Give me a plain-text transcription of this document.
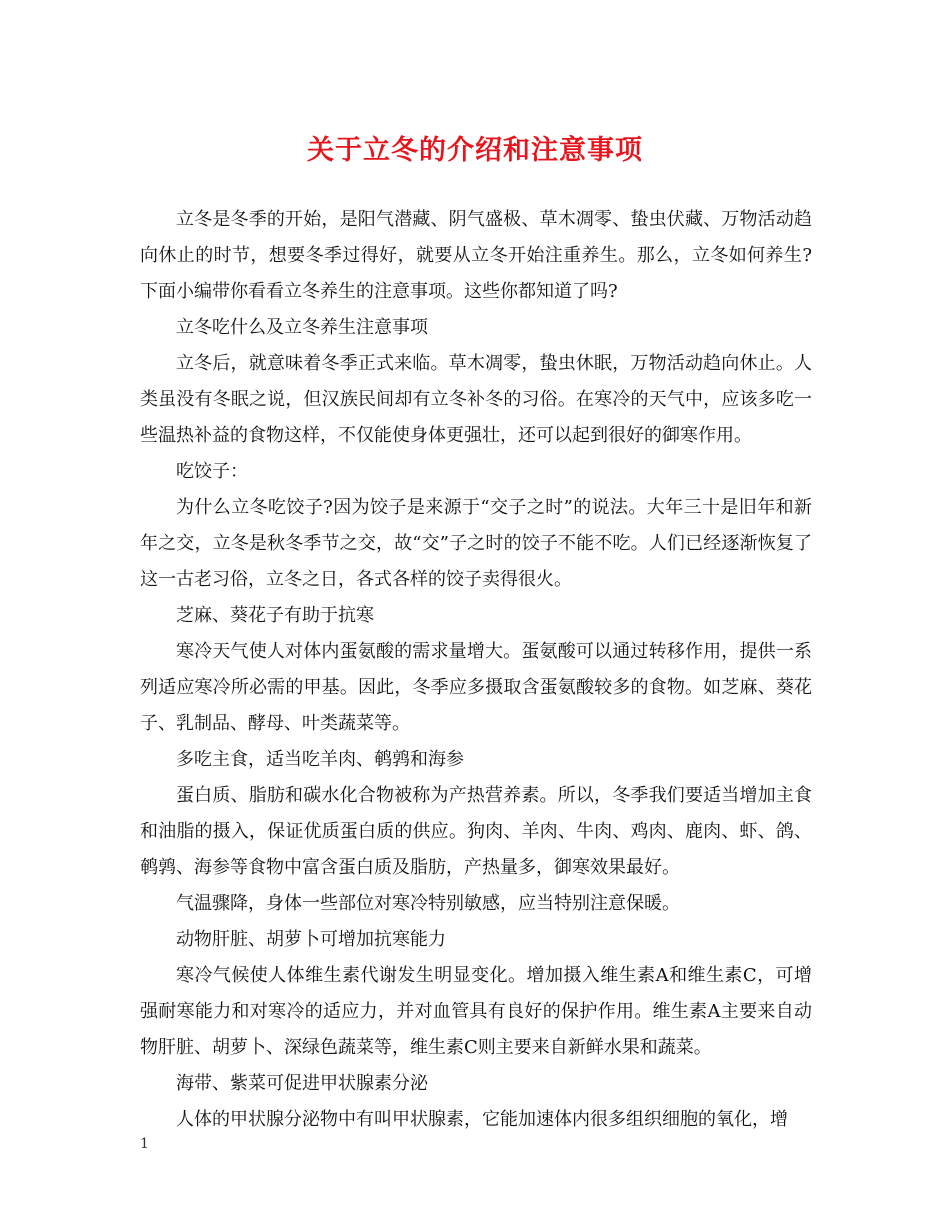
关于立冬的介绍和注意事项

立冬是冬季的开始，是阳气潜藏、阴气盛极、草木凋零、蛰虫伏藏、万物活动趋向休止的时节，想要冬季过得好，就要从立冬开始注重养生。那么，立冬如何养生?下面小编带你看看立冬养生的注意事项。这些你都知道了吗?

立冬吃什么及立冬养生注意事项

立冬后，就意味着冬季正式来临。草木凋零，蛰虫休眠，万物活动趋向休止。人类虽没有冬眠之说，但汉族民间却有立冬补冬的习俗。在寒冷的天气中，应该多吃一些温热补益的食物这样，不仅能使身体更强壮，还可以起到很好的御寒作用。

吃饺子：

为什么立冬吃饺子?因为饺子是来源于“交子之时”的说法。大年三十是旧年和新年之交，立冬是秋冬季节之交，故“交”子之时的饺子不能不吃。人们已经逐渐恢复了这一古老习俗，立冬之日，各式各样的饺子卖得很火。

芝麻、葵花子有助于抗寒

寒冷天气使人对体内蛋氨酸的需求量增大。蛋氨酸可以通过转移作用，提供一系列适应寒冷所必需的甲基。因此，冬季应多摄取含蛋氨酸较多的食物。如芝麻、葵花子、乳制品、酵母、叶类蔬菜等。

多吃主食，适当吃羊肉、鹌鹑和海参

蛋白质、脂肪和碳水化合物被称为产热营养素。所以，冬季我们要适当增加主食和油脂的摄入，保证优质蛋白质的供应。狗肉、羊肉、牛肉、鸡肉、鹿肉、虾、鸽、鹌鹑、海参等食物中富含蛋白质及脂肪，产热量多，御寒效果最好。

气温骤降，身体一些部位对寒冷特别敏感，应当特别注意保暖。

动物肝脏、胡萝卜可增加抗寒能力

寒冷气候使人体维生素代谢发生明显变化。增加摄入维生素A和维生素C，可增强耐寒能力和对寒冷的适应力，并对血管具有良好的保护作用。维生素A主要来自动物肝脏、胡萝卜、深绿色蔬菜等，维生素C则主要来自新鲜水果和蔬菜。

海带、紫菜可促进甲状腺素分泌

人体的甲状腺分泌物中有叫甲状腺素，它能加速体内很多组织细胞的氧化，增

1
